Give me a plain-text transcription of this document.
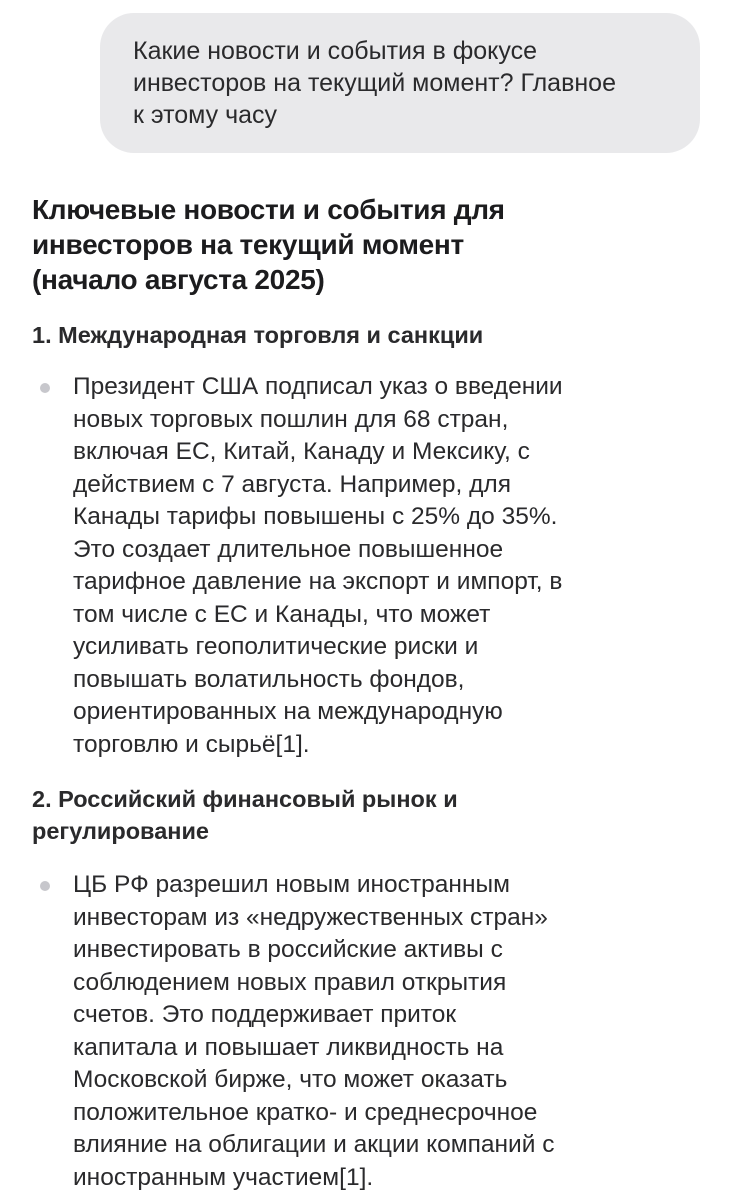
Какие новости и события в фокусе
инвесторов на текущий момент? Главное
к этому часу
Ключевые новости и события для
инвесторов на текущий момент
(начало августа 2025)
1. Международная торговля и санкции
Президент США подписал указ о введении
новых торговых пошлин для 68 стран,
включая ЕС, Китай, Канаду и Мексику, с
действием с 7 августа. Например, для
Канады тарифы повышены с 25% до 35%.
Это создает длительное повышенное
тарифное давление на экспорт и импорт, в
том числе с ЕС и Канады, что может
усиливать геополитические риски и
повышать волатильность фондов,
ориентированных на международную
торговлю и сырьё[1].
2. Российский финансовый рынок и
регулирование
ЦБ РФ разрешил новым иностранным
инвесторам из «недружественных стран»
инвестировать в российские активы с
соблюдением новых правил открытия
счетов. Это поддерживает приток
капитала и повышает ликвидность на
Московской бирже, что может оказать
положительное кратко- и среднесрочное
влияние на облигации и акции компаний с
иностранным участием[1].
